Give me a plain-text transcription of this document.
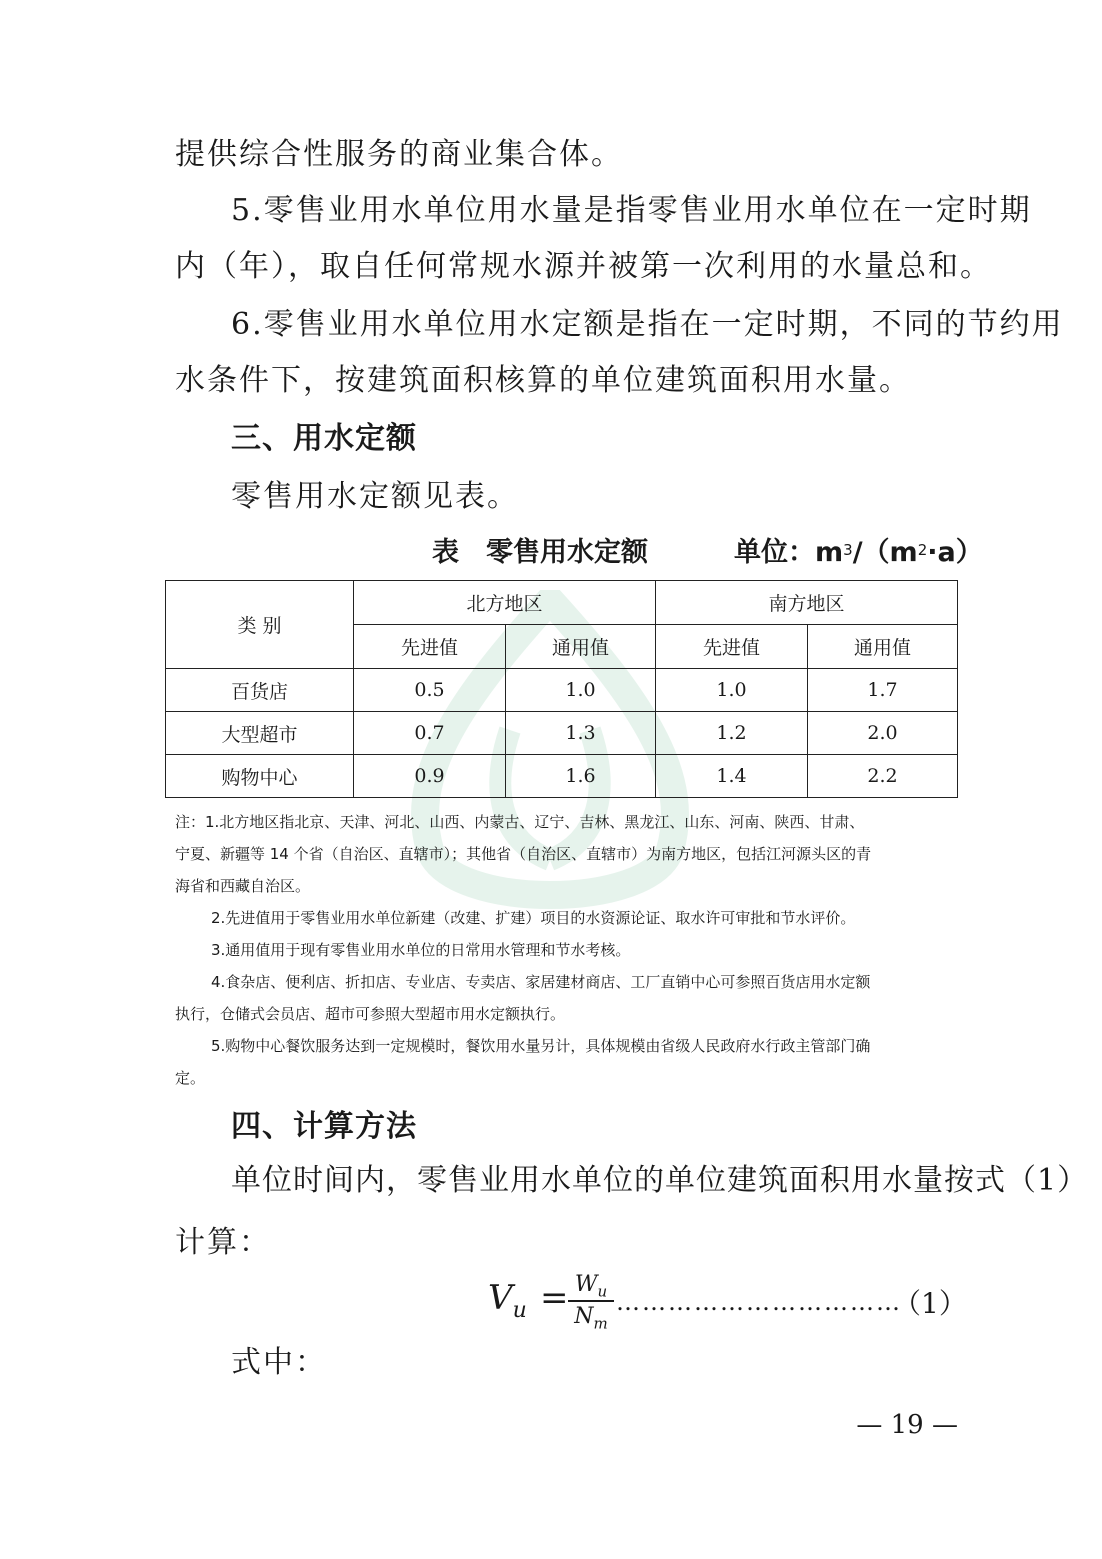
提供综合性服务的商业集合体。

5.零售业用水单位用水量是指零售业用水单位在一定时期

内（年），取自任何常规水源并被第一次利用的水量总和。

6.零售业用水单位用水定额是指在一定时期，不同的节约用

水条件下，按建筑面积核算的单位建筑面积用水量。

三、用水定额

零售用水定额见表。

表　零售用水定额	单位：$m^3/(m^2\cdot a)$
类 别	北方地区		南方地区	
	先进值	通用值	先进值	通用值
百货店	0.5	1.0	1.0	1.7
大型超市	0.7	1.3	1.2	2.0
购物中心	0.9	1.6	1.4	2.2

注：1.北方地区指北京、天津、河北、山西、内蒙古、辽宁、吉林、黑龙江、山东、河南、陕西、甘肃、

宁夏、新疆等 14 个省（自治区、直辖市）；其他省（自治区、直辖市）为南方地区，包括江河源头区的青

海省和西藏自治区。

2.先进值用于零售业用水单位新建（改建、扩建）项目的水资源论证、取水许可审批和节水评价。

3.通用值用于现有零售业用水单位的日常用水管理和节水考核。

4.食杂店、便利店、折扣店、专业店、专卖店、家居建材商店、工厂直销中心可参照百货店用水定额

执行，仓储式会员店、超市可参照大型超市用水定额执行。

5.购物中心餐饮服务达到一定规模时，餐饮用水量另计，具体规模由省级人民政府水行政主管部门确

定。

四、计算方法

单位时间内，零售业用水单位的单位建筑面积用水量按式（1）

计算：

$V_u = W_u$
$N_m$
……………………………
（1）

式中：

— 19 —
